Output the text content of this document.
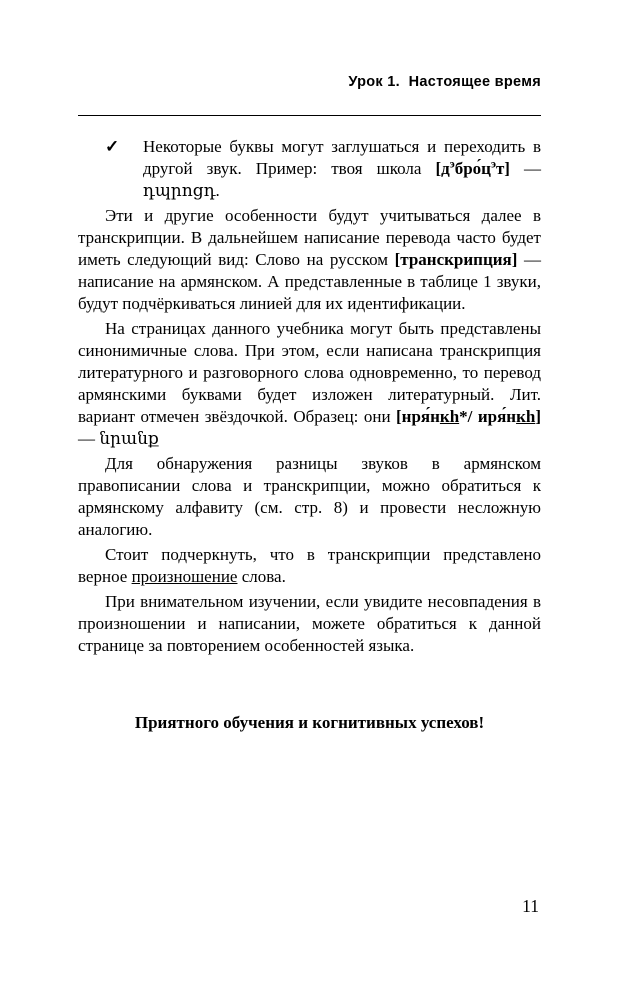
Урок 1.  Настоящее время

✓	Некоторые буквы могут заглушаться и переходить в другой звук. Пример: твоя школа $[д^эбро́ц^эт]$ — դպրոցդ.

Эти и другие особенности будут учитываться далее в транскрипции. В дальнейшем написание перевода часто будет иметь следующий вид: Слово на русском [транскрипция] — написание на армянском. А представленные в таблице 1 звуки, будут подчёркиваться линией для их идентификации.

На страницах данного учебника могут быть представлены синонимичные слова. При этом, если написана транскрипция литературного и разговорного слова одновременно, то перевод армянскими буквами будет изложен литературный. Лит. вариант отмечен звёздочкой. Образец: они [нря́нкh*/ иря́нкh] — նրանք

Для обнаружения разницы звуков в армянском правописании слова и транскрипции, можно обратиться к армянскому алфавиту (см. стр. 8) и провести несложную аналогию.

Стоит подчеркнуть, что в транскрипции представлено верное произношение слова.

При внимательном изучении, если увидите несовпадения в произношении и написании, можете обратиться к данной странице за повторением особенностей языка.

Приятного обучения и когнитивных успехов!
11
